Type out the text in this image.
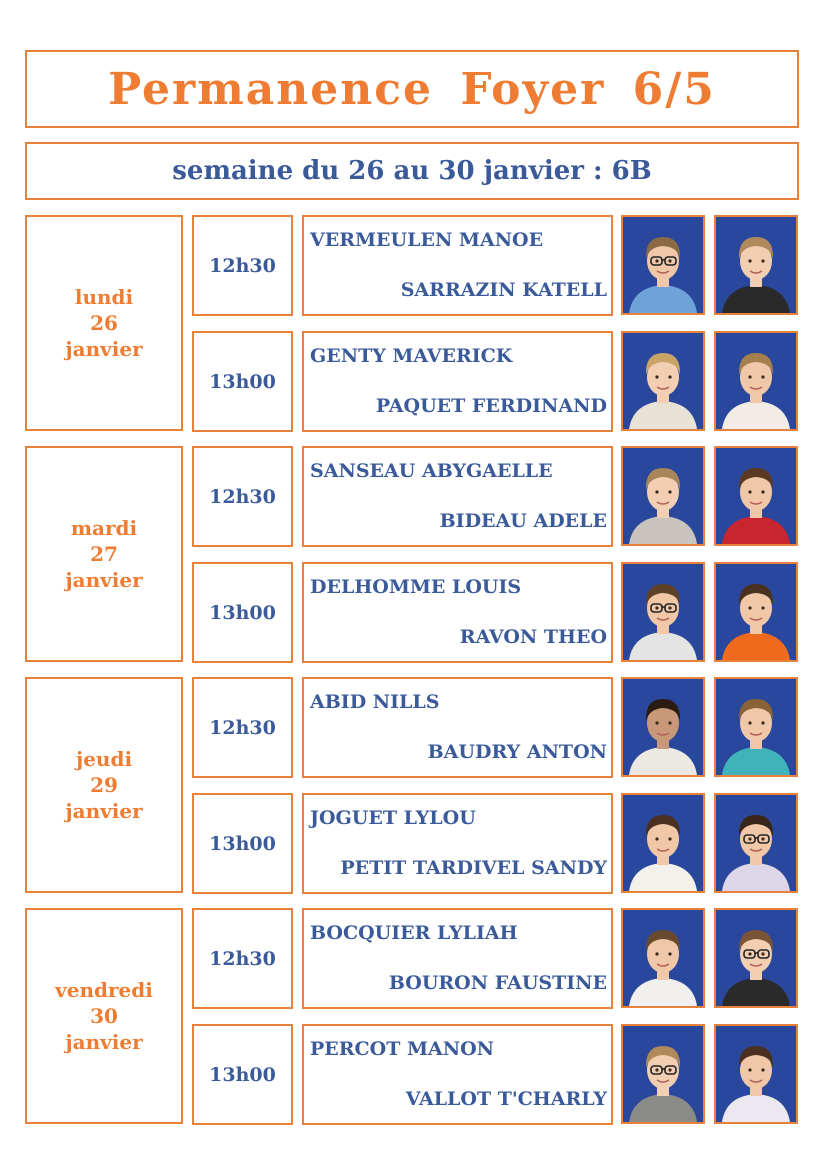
Permanence Foyer 6/5
semaine du 26 au 30 janvier : 6B
lundi
26
janvier
12h30
VERMEULEN MANOE
SARRAZIN KATELL
13h00
GENTY MAVERICK
PAQUET FERDINAND
mardi
27
janvier
12h30
SANSEAU ABYGAELLE
BIDEAU ADELE
13h00
DELHOMME LOUIS
RAVON THEO
jeudi
29
janvier
12h30
ABID NILLS
BAUDRY ANTON
13h00
JOGUET LYLOU
PETIT TARDIVEL SANDY
vendredi
30
janvier
12h30
BOCQUIER LYLIAH
BOURON FAUSTINE
13h00
PERCOT MANON
VALLOT T'CHARLY
